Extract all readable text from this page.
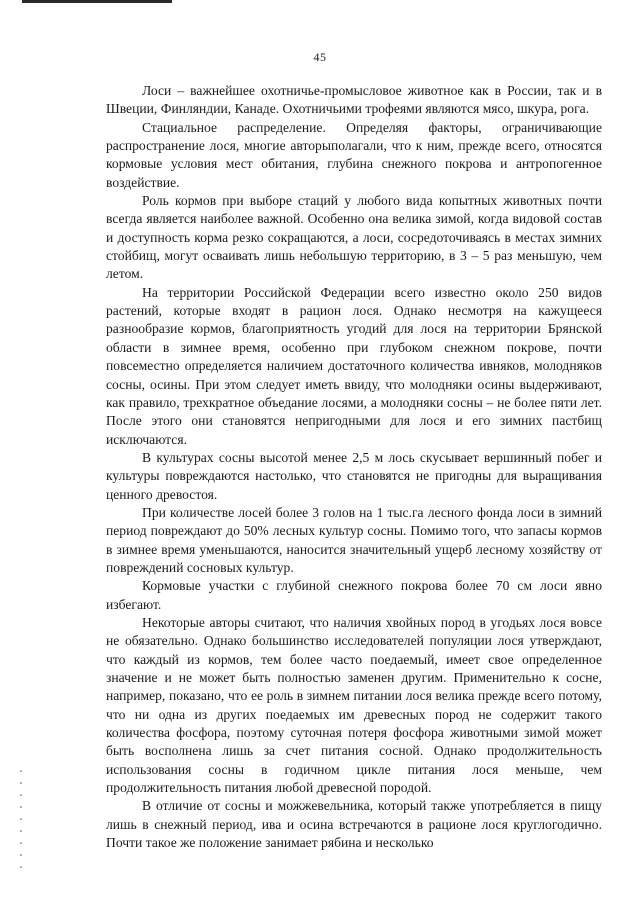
45

Лоси – важнейшее охотничье-промысловое животное как в России, так и в Швеции, Финляндии, Канаде. Охотничьими трофеями являются мясо, шкура, рога.

Стациальное распределение. Определяя факторы, ограничивающие распространение лося, многие авторыполагали, что к ним, прежде всего, относятся кормовые условия мест обитания, глубина снежного покрова и антропогенное воздействие.

Роль кормов при выборе стаций у любого вида копытных животных почти всегда является наиболее важной. Особенно она велика зимой, когда видовой состав и доступность корма резко сокращаются, а лоси, сосредоточиваясь в местах зимних стойбищ, могут осваивать лишь небольшую территорию, в 3 – 5 раз меньшую, чем летом.

На территории Российской Федерации всего известно около 250 видов растений, которые входят в рацион лося. Однако несмотря на кажущееся разнообразие кормов, благоприятность угодий для лося на территории Брянской области в зимнее время, особенно при глубоком снежном покрове, почти повсеместно определяется наличием достаточного количества ивняков, молодняков сосны, осины. При этом следует иметь ввиду, что молодняки осины выдерживают, как правило, трехкратное объедание лосями, а молодняки сосны – не более пяти лет. После этого они становятся непригодными для лося и его зимних пастбищ исключаются.

В культурах сосны высотой менее 2,5 м лось скусывает вершинный побег и культуры повреждаются настолько, что становятся не пригодны для выращивания ценного древостоя.

При количестве лосей более 3 голов на 1 тыс.га лесного фонда лоси в зимний период повреждают до 50% лесных культур сосны. Помимо того, что запасы кормов в зимнее время уменьшаются, наносится значительный ущерб лесному хозяйству от повреждений сосновых культур.

Кормовые участки с глубиной снежного покрова более 70 см лоси явно избегают.

Некоторые авторы считают, что наличия хвойных пород в угодьях лося вовсе не обязательно. Однако большинство исследователей популяции лося утверждают, что каждый из кормов, тем более часто поедаемый, имеет свое определенное значение и не может быть полностью заменен другим. Применительно к сосне, например, показано, что ее роль в зимнем питании лося велика прежде всего потому, что ни одна из других поедаемых им древесных пород не содержит такого количества фосфора, поэтому суточная потеря фосфора животными зимой может быть восполнена лишь за счет питания сосной. Однако продолжительность использования сосны в годичном цикле питания лося меньше, чем продолжительность питания любой древесной породой.

В отличие от сосны и можжевельника, который также употребляется в пищу лишь в снежный период, ива и осина встречаются в рационе лося круглогодично. Почти такое же положение занимает рябина и несколько
